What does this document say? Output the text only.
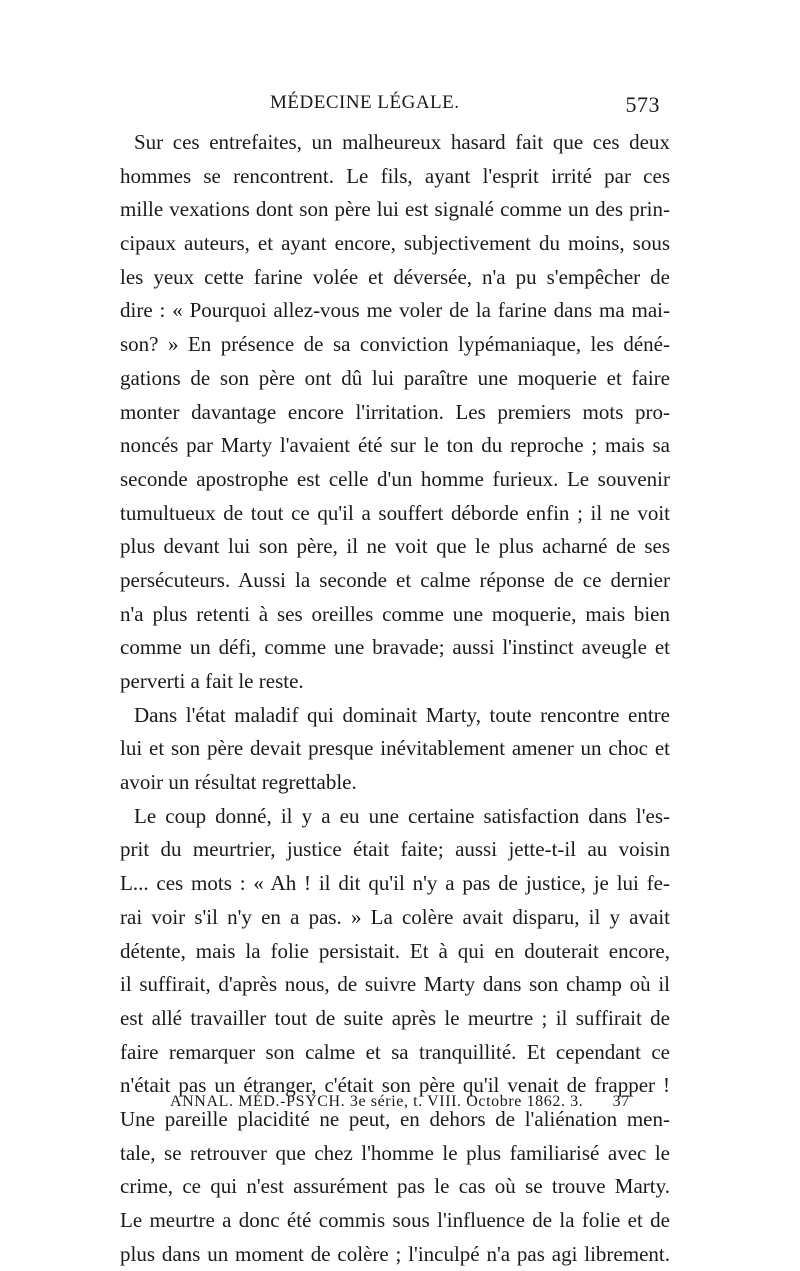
MÉDECINE LÉGALE.	573
Sur ces entrefaites, un malheureux hasard fait que ces deux
hommes se rencontrent. Le fils, ayant l'esprit irrité par ces
mille vexations dont son père lui est signalé comme un des prin-
cipaux auteurs, et ayant encore, subjectivement du moins, sous
les yeux cette farine volée et déversée, n'a pu s'empêcher de
dire : « Pourquoi allez-vous me voler de la farine dans ma mai-
son? » En présence de sa conviction lypémaniaque, les déné-
gations de son père ont dû lui paraître une moquerie et faire
monter davantage encore l'irritation. Les premiers mots pro-
noncés par Marty l'avaient été sur le ton du reproche ; mais sa
seconde apostrophe est celle d'un homme furieux. Le souvenir
tumultueux de tout ce qu'il a souffert déborde enfin ; il ne voit
plus devant lui son père, il ne voit que le plus acharné de ses
persécuteurs. Aussi la seconde et calme réponse de ce dernier
n'a plus retenti à ses oreilles comme une moquerie, mais bien
comme un défi, comme une bravade; aussi l'instinct aveugle et
perverti a fait le reste.
Dans l'état maladif qui dominait Marty, toute rencontre entre
lui et son père devait presque inévitablement amener un choc et
avoir un résultat regrettable.
Le coup donné, il y a eu une certaine satisfaction dans l'es-
prit du meurtrier, justice était faite; aussi jette-t-il au voisin
L... ces mots : « Ah ! il dit qu'il n'y a pas de justice, je lui fe-
rai voir s'il n'y en a pas. » La colère avait disparu, il y avait
détente, mais la folie persistait. Et à qui en douterait encore,
il suffirait, d'après nous, de suivre Marty dans son champ où il
est allé travailler tout de suite après le meurtre ; il suffirait de
faire remarquer son calme et sa tranquillité. Et cependant ce
n'était pas un étranger, c'était son père qu'il venait de frapper !
Une pareille placidité ne peut, en dehors de l'aliénation men-
tale, se retrouver que chez l'homme le plus familiarisé avec le
crime, ce qui n'est assurément pas le cas où se trouve Marty.
Le meurtre a donc été commis sous l'influence de la folie et de
plus dans un moment de colère ; l'inculpé n'a pas agi librement.
ANNAL. MÉD.-PSYCH. 3e série, t. VIII. Octobre 1862. 3. 37
